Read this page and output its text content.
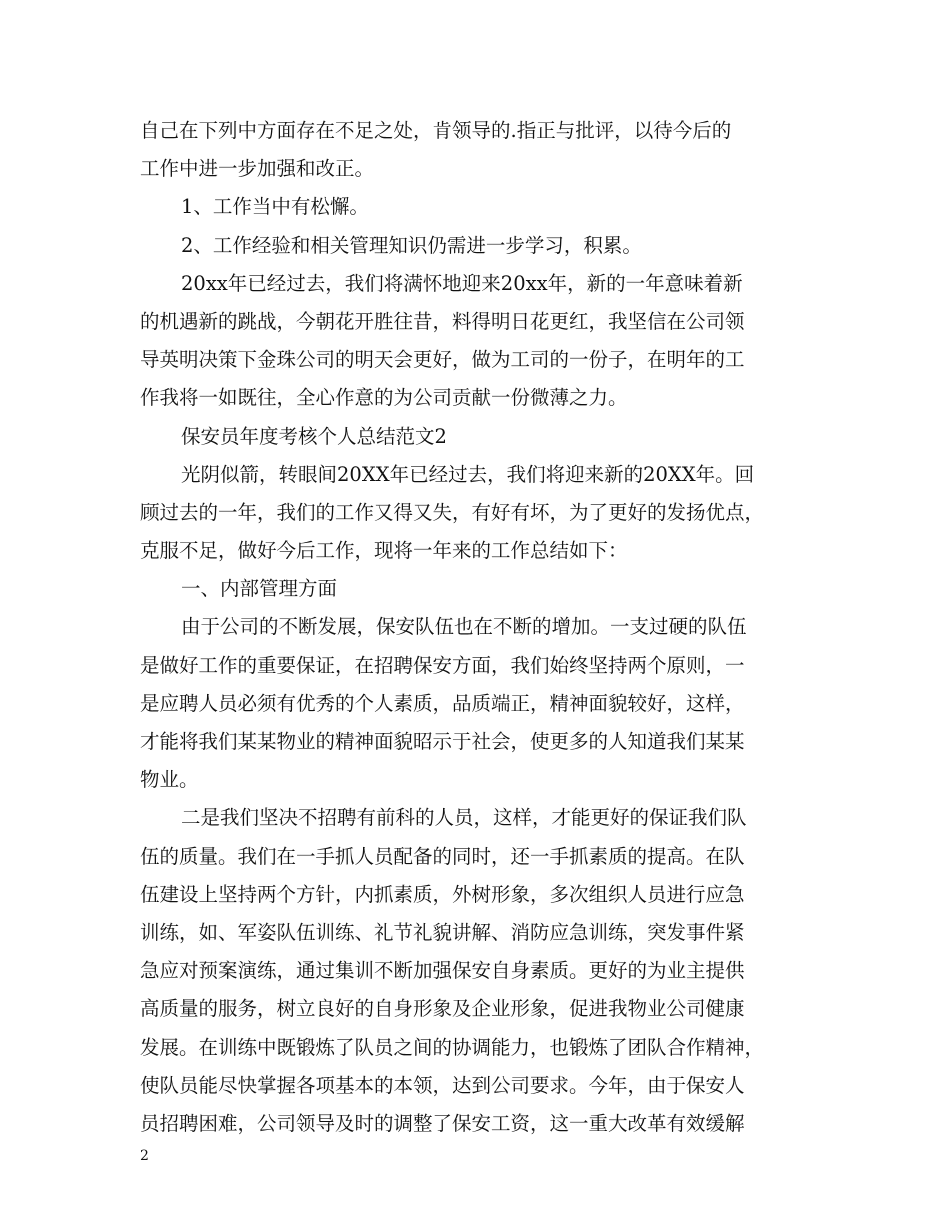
自己在下列中方面存在不足之处，肯领导的.指正与批评，以待今后的
工作中进一步加强和改正。
1、工作当中有松懈。
2、工作经验和相关管理知识仍需进一步学习，积累。
20xx年已经过去，我们将满怀地迎来20xx年，新的一年意味着新
的机遇新的跳战，今朝花开胜往昔，料得明日花更红，我坚信在公司领
导英明决策下金珠公司的明天会更好，做为工司的一份子，在明年的工
作我将一如既往，全心作意的为公司贡献一份微薄之力。
保安员年度考核个人总结范文2
光阴似箭，转眼间20XX年已经过去，我们将迎来新的20XX年。回
顾过去的一年，我们的工作又得又失，有好有坏，为了更好的发扬优点，
克服不足，做好今后工作，现将一年来的工作总结如下：
一、内部管理方面
由于公司的不断发展，保安队伍也在不断的增加。一支过硬的队伍
是做好工作的重要保证，在招聘保安方面，我们始终坚持两个原则，一
是应聘人员必须有优秀的个人素质，品质端正，精神面貌较好，这样，
才能将我们某某物业的精神面貌昭示于社会，使更多的人知道我们某某
物业。
二是我们坚决不招聘有前科的人员，这样，才能更好的保证我们队
伍的质量。我们在一手抓人员配备的同时，还一手抓素质的提高。在队
伍建设上坚持两个方针，内抓素质，外树形象，多次组织人员进行应急
训练，如、军姿队伍训练、礼节礼貌讲解、消防应急训练，突发事件紧
急应对预案演练，通过集训不断加强保安自身素质。更好的为业主提供
高质量的服务，树立良好的自身形象及企业形象，促进我物业公司健康
发展。在训练中既锻炼了队员之间的协调能力，也锻炼了团队合作精神，
使队员能尽快掌握各项基本的本领，达到公司要求。今年，由于保安人
员招聘困难，公司领导及时的调整了保安工资，这一重大改革有效缓解
2
